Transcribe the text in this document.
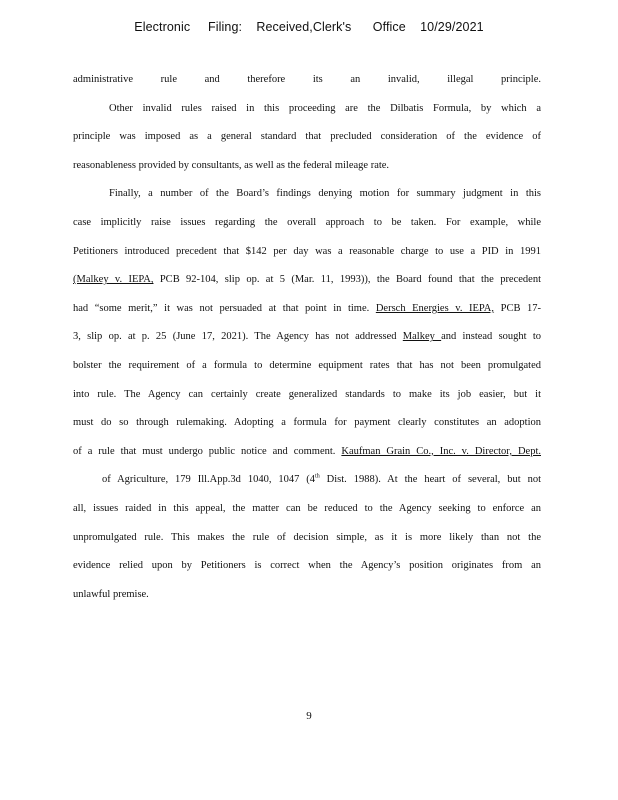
Electronic     Filing:    Received,Clerk's      Office    10/29/2021
administrative rule and therefore its an invalid, illegal principle.
Other invalid rules raised in this proceeding are the Dilbatis Formula, by which a
principle was imposed as a general standard that precluded consideration of the evidence of
reasonableness provided by consultants, as well as the federal mileage rate.
Finally, a number of the Board’s findings denying motion for summary judgment in this
case implicitly raise issues regarding the overall approach to be taken. For example, while
Petitioners introduced precedent that $142 per day was a reasonable charge to use a PID in 1991
(Malkey v. IEPA, PCB 92-104, slip op. at 5 (Mar. 11, 1993)), the Board found that the precedent
had “some merit,” it was not persuaded at that point in time. Dersch Energies v. IEPA, PCB 17-
3, slip op. at p. 25 (June 17, 2021). The Agency has not addressed Malkey and instead sought to
bolster the requirement of a formula to determine equipment rates that has not been promulgated
into rule. The Agency can certainly create generalized standards to make its job easier, but it
must do so through rulemaking. Adopting a formula for payment clearly constitutes an adoption
of a rule that must undergo public notice and comment. Kaufman Grain Co., Inc. v. Director, Dept.
of Agriculture, 179 Ill.App.3d 1040, 1047 (4th Dist. 1988). At the heart of several, but not
all, issues raided in this appeal, the matter can be reduced to the Agency seeking to enforce an
unpromulgated rule. This makes the rule of decision simple, as it is more likely than not the
evidence relied upon by Petitioners is correct when the Agency’s position originates from an
unlawful premise.
9
